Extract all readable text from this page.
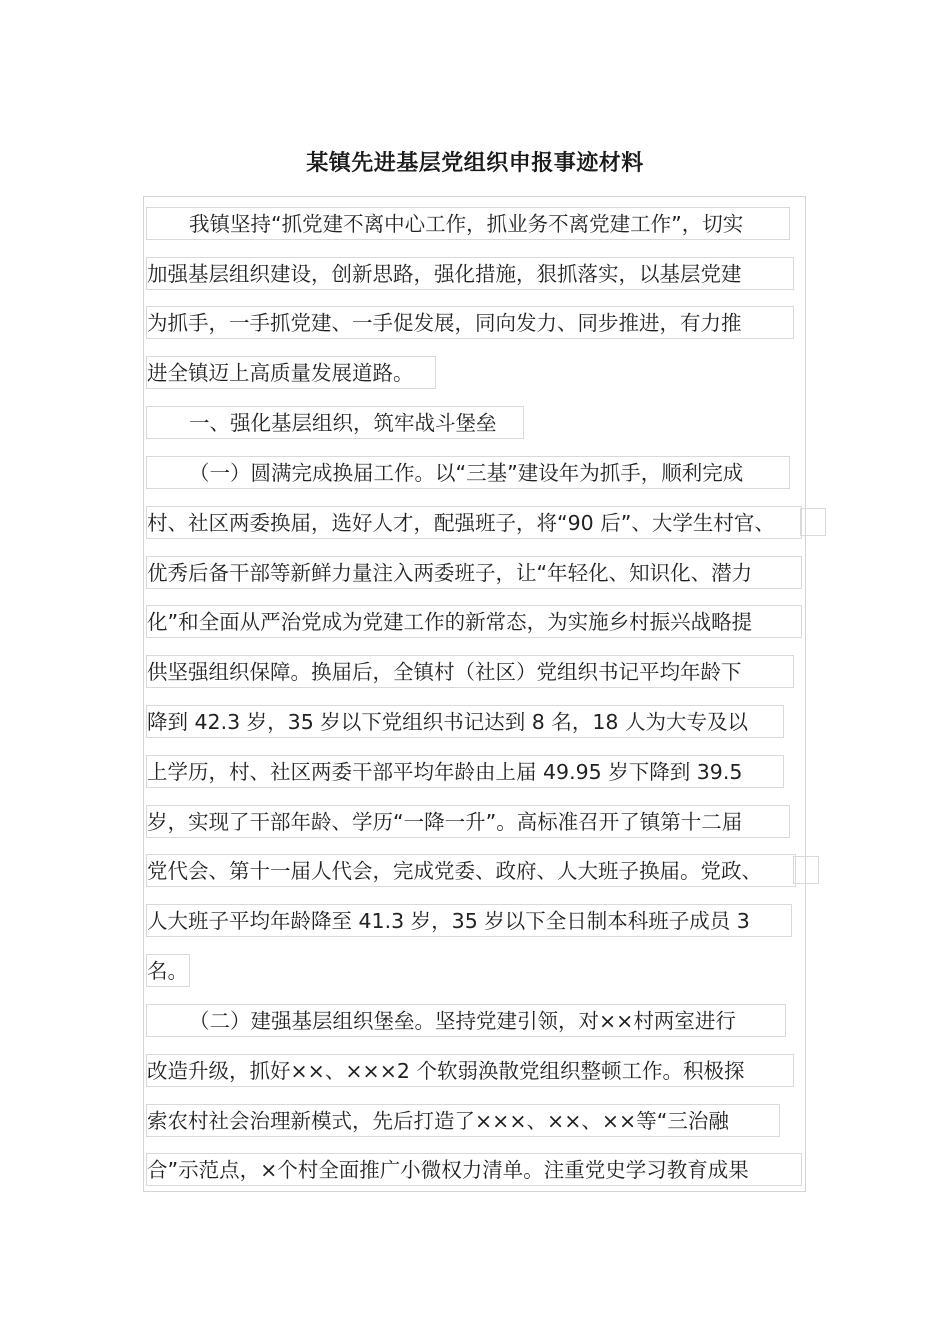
某镇先进基层党组织申报事迹材料
我镇坚持“抓党建不离中心工作，抓业务不离党建工作”，切实
加强基层组织建设，创新思路，强化措施，狠抓落实，以基层党建
为抓手，一手抓党建、一手促发展，同向发力、同步推进，有力推
进全镇迈上高质量发展道路。
一、强化基层组织，筑牢战斗堡垒
（一）圆满完成换届工作。以“三基”建设年为抓手，顺利完成
村、社区两委换届，选好人才，配强班子，将“90 后”、大学生村官、
优秀后备干部等新鲜力量注入两委班子，让“年轻化、知识化、潜力
化”和全面从严治党成为党建工作的新常态，为实施乡村振兴战略提
供坚强组织保障。换届后，全镇村（社区）党组织书记平均年龄下
降到 42.3 岁，35 岁以下党组织书记达到 8 名，18 人为大专及以
上学历，村、社区两委干部平均年龄由上届 49.95 岁下降到 39.5
岁，实现了干部年龄、学历“一降一升”。高标准召开了镇第十二届
党代会、第十一届人代会，完成党委、政府、人大班子换届。党政、
人大班子平均年龄降至 41.3 岁，35 岁以下全日制本科班子成员 3
名。
（二）建强基层组织堡垒。坚持党建引领，对××村两室进行
改造升级，抓好××、×××2 个软弱涣散党组织整顿工作。积极探
索农村社会治理新模式，先后打造了×××、××、××等“三治融
合”示范点，×个村全面推广小微权力清单。注重党史学习教育成果
